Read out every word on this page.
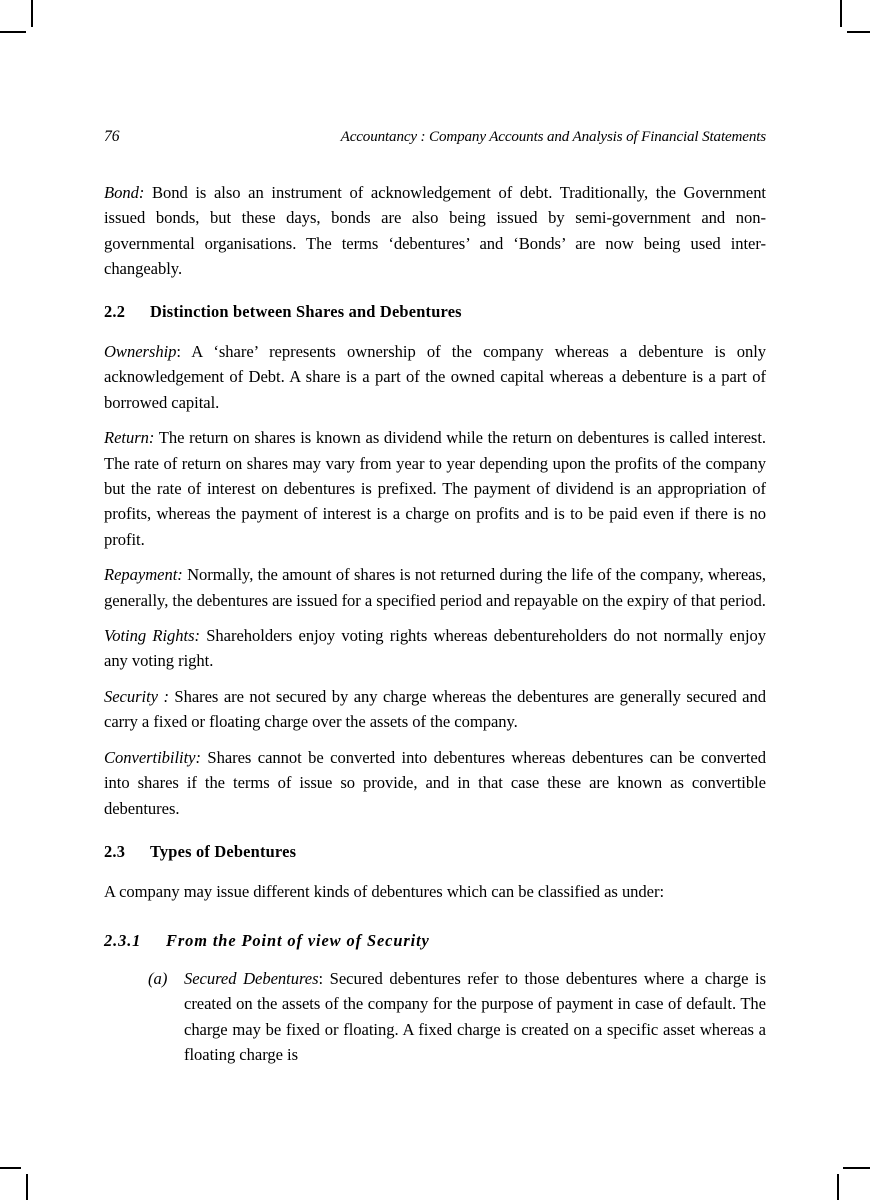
76	Accountancy : Company Accounts and Analysis of Financial Statements

Bond: Bond is also an instrument of acknowledgement of debt. Traditionally, the Government issued bonds, but these days, bonds are also being issued by semi-government and non-governmental organisations. The terms ‘debentures’ and ‘Bonds’ are now being used inter-changeably.

2.2	Distinction between Shares and Debentures

Ownership: A ‘share’ represents ownership of the company whereas a debenture is only acknowledgement of Debt. A share is a part of the owned capital whereas a debenture is a part of borrowed capital.

Return: The return on shares is known as dividend while the return on debentures is called interest. The rate of return on shares may vary from year to year depending upon the profits of the company but the rate of interest on debentures is prefixed. The payment of dividend is an appropriation of profits, whereas the payment of interest is a charge on profits and is to be paid even if there is no profit.

Repayment: Normally, the amount of shares is not returned during the life of the company, whereas, generally, the debentures are issued for a specified period and repayable on the expiry of that period.

Voting Rights: Shareholders enjoy voting rights whereas debentureholders do not normally enjoy any voting right.

Security : Shares are not secured by any charge whereas the debentures are generally secured and carry a fixed or floating charge over the assets of the company.

Convertibility: Shares cannot be converted into debentures whereas debentures can be converted into shares if the terms of issue so provide, and in that case these are known as convertible debentures.

2.3	Types of Debentures

A company may issue different kinds of debentures which can be classified as under:

2.3.1	From the Point of view of Security
(a)	Secured Debentures: Secured debentures refer to those debentures where a charge is created on the assets of the company for the purpose of payment in case of default. The charge may be fixed or floating. A fixed charge is created on a specific asset whereas a floating charge is
